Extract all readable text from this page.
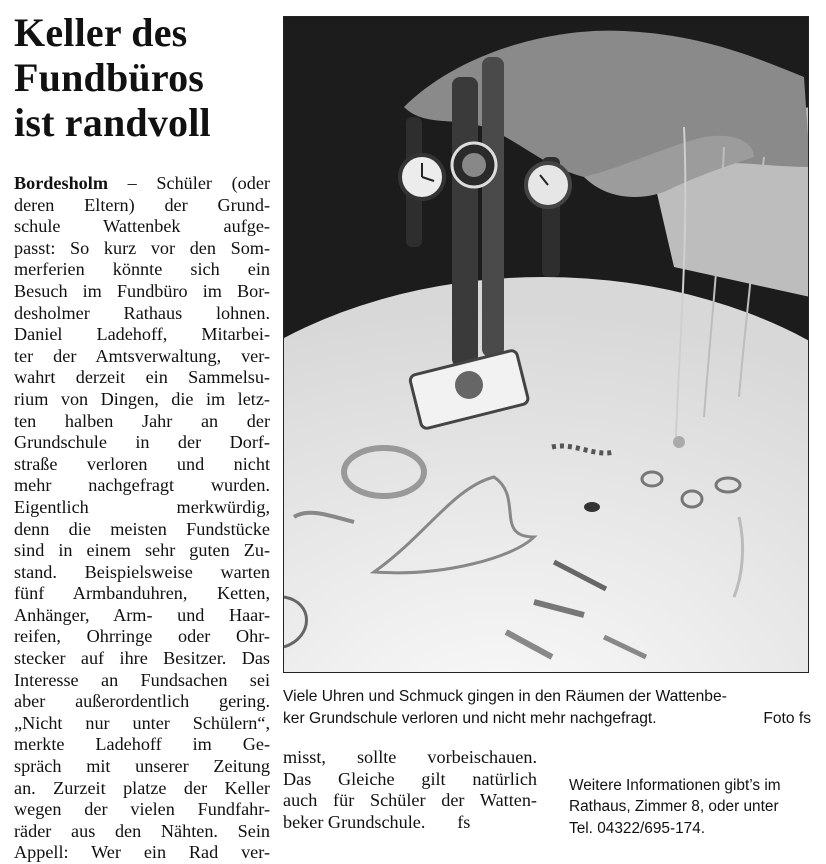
Keller des
Fundbüros
ist randvoll
Bordesholm – Schüler (oder
deren Eltern) der Grund-
schule Wattenbek aufge-
passt: So kurz vor den Som-
merferien könnte sich ein
Besuch im Fundbüro im Bor-
desholmer Rathaus lohnen.
Daniel Ladehoff, Mitarbei-
ter der Amtsverwaltung, ver-
wahrt derzeit ein Sammelsu-
rium von Dingen, die im letz-
ten halben Jahr an der
Grundschule in der Dorf-
straße verloren und nicht
mehr nachgefragt wurden.
Eigentlich merkwürdig,
denn die meisten Fundstücke
sind in einem sehr guten Zu-
stand. Beispielsweise warten
fünf Armbanduhren, Ketten,
Anhänger, Arm- und Haar-
reifen, Ohrringe oder Ohr-
stecker auf ihre Besitzer. Das
Interesse an Fundsachen sei
aber außerordentlich gering.
„Nicht nur unter Schülern“,
merkte Ladehoff im Ge-
spräch mit unserer Zeitung
an. Zurzeit platze der Keller
wegen der vielen Fundfahr-
räder aus den Nähten. Sein
Appell: Wer ein Rad ver-
Viele Uhren und Schmuck gingen in den Räumen der Wattenbe-
ker Grundschule verloren und nicht mehr nachgefragt.	Foto fs
misst, sollte vorbeischauen.
Das Gleiche gilt natürlich
auch für Schüler der Watten-
beker Grundschule.       fs
Weitere Informationen gibt’s im
Rathaus, Zimmer 8, oder unter
Tel. 04322/695-174.
